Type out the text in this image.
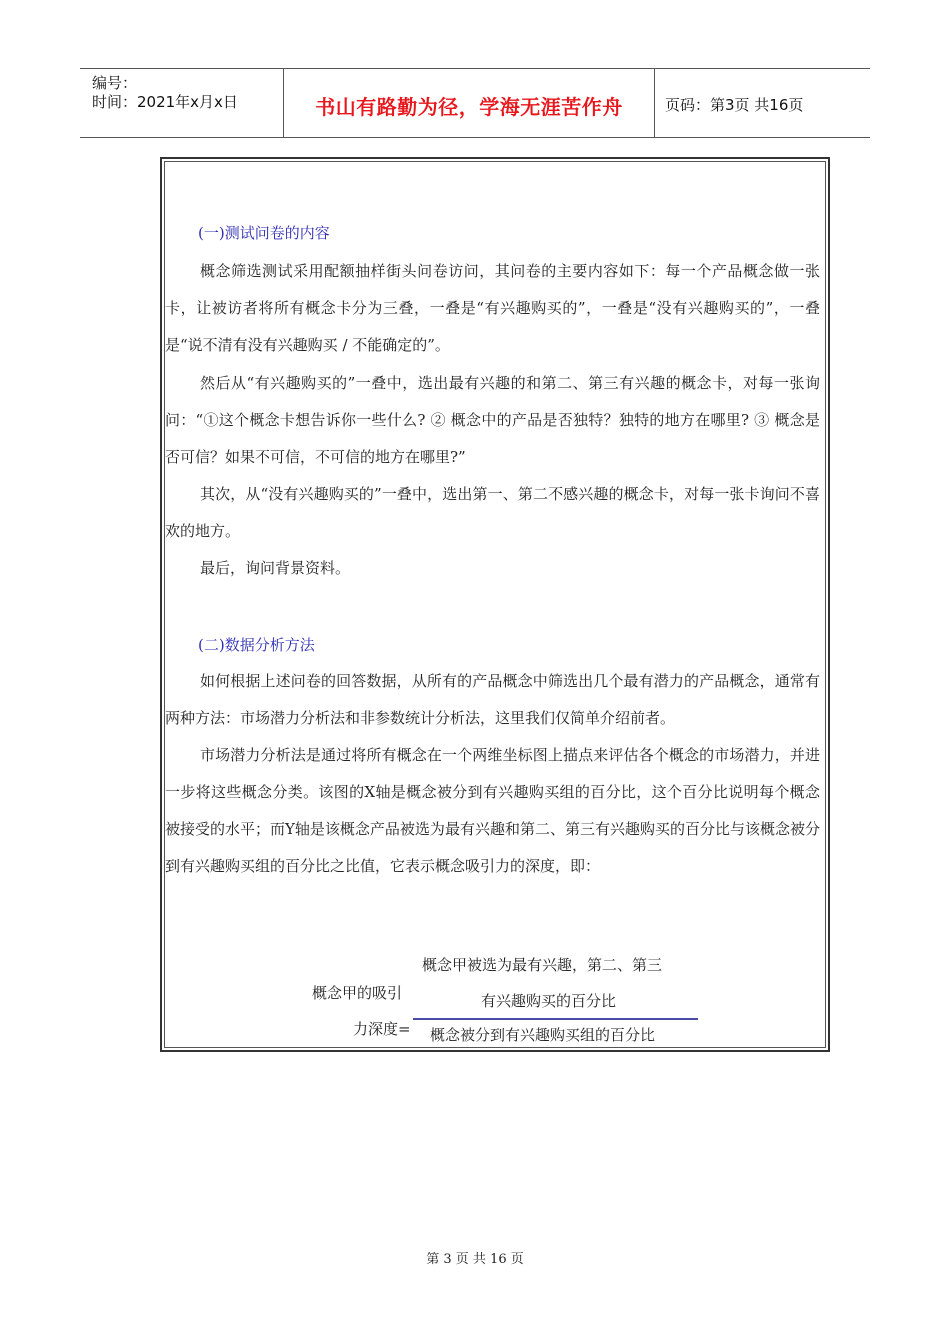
编号：
时间：2021年x月x日	书山有路勤为径，学海无涯苦作舟	页码：第3页 共16页
(一)测试问卷的内容

概念筛选测试采用配额抽样街头问卷访问，其问卷的主要内容如下：每一个产品概念做一张卡，让被访者将所有概念卡分为三叠，一叠是“有兴趣购买的”，一叠是“没有兴趣购买的”，一叠是“说不清有没有兴趣购买 / 不能确定的”。

然后从“有兴趣购买的”一叠中，选出最有兴趣的和第二、第三有兴趣的概念卡，对每一张询问：“①这个概念卡想告诉你一些什么? ② 概念中的产品是否独特？独特的地方在哪里? ③ 概念是否可信？如果不可信，不可信的地方在哪里?”

其次，从“没有兴趣购买的”一叠中，选出第一、第二不感兴趣的概念卡，对每一张卡询问不喜欢的地方。

最后，询问背景资料。

(二)数据分析方法

如何根据上述问卷的回答数据，从所有的产品概念中筛选出几个最有潜力的产品概念，通常有两种方法：市场潜力分析法和非参数统计分析法，这里我们仅简单介绍前者。

市场潜力分析法是通过将所有概念在一个两维坐标图上描点来评估各个概念的市场潜力，并进一步将这些概念分类。该图的X轴是概念被分到有兴趣购买组的百分比，这个百分比说明每个概念被接受的水平；而Y轴是该概念产品被选为最有兴趣和第二、第三有兴趣购买的百分比与该概念被分到有兴趣购买组的百分比之比值，它表示概念吸引力的深度，即：

概念甲的吸引
力深度=
概念甲被选为最有兴趣，第二、第三
有兴趣购买的百分比
概念被分到有兴趣购买组的百分比
第 3 页 共 16 页
